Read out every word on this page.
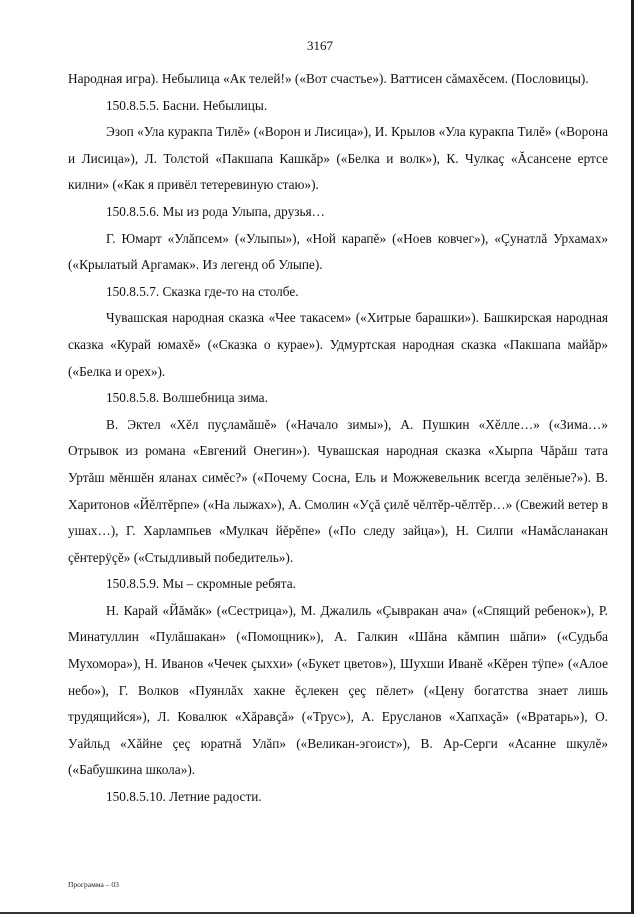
3167

Народная игра). Небылица «Ак телей!» («Вот счастье»). Ваттисен сăмахĕсем. (Пословицы).

150.8.5.5. Басни. Небылицы.

Эзоп «Ула куракпа Тилĕ» («Ворон и Лисица»), И. Крылов «Ула куракпа Тилĕ» («Ворона и Лисица»), Л. Толстой «Пакшапа Кашкăр» («Белка и волк»), К. Чулкаç «Ăсансене ертсе килни» («Как я привёл тетеревиную стаю»).

150.8.5.6. Мы из рода Улыпа, друзья…

Г. Юмарт «Улăпсем» («Улыпы»), «Ной карапĕ» («Ноев ковчег»), «Çунатлă Урхамах» («Крылатый Аргамак». Из легенд об Улыпе).

150.8.5.7. Сказка где-то на столбе.

Чувашская народная сказка «Чее такасем» («Хитрые барашки»). Башкирская народная сказка «Курай юмахĕ» («Сказка о курае»). Удмуртская народная сказка «Пакшапа майăр» («Белка и орех»).

150.8.5.8. Волшебница зима.

В. Эктел «Хĕл пуçламăшĕ» («Начало зимы»), А. Пушкин «Хĕлле…» («Зима…» Отрывок из романа «Евгений Онегин»). Чувашская народная сказка «Хырпа Чăрăш тата Уртăш мĕншĕн яланах симĕс?» («Почему Сосна, Ель и Можжевельник всегда зелёные?»). В. Харитонов «Йĕлтĕрпе» («На лыжах»), А. Смолин «Уçă çилĕ чĕлтĕр-чĕлтĕр…» (Свежий ветер в ушах…), Г. Харлампьев «Мулкач йĕрĕпе» («По следу зайца»), Н. Силпи «Намăсланакан çĕнтерÿçĕ» («Стыдливый победитель»).

150.8.5.9. Мы – скромные ребята.

Н. Карай «Йăмăк» («Сестрица»), М. Джалиль «Çывракан ача» («Спящий ребенок»), Р. Минатуллин «Пулăшакан» («Помощник»), А. Галкин «Шăна кăмпин шăпи» («Судьба Мухомора»), Н. Иванов «Чечек çыххи» («Букет цветов»), Шухши Иванĕ «Кĕрен тÿпе» («Алое небо»), Г. Волков «Пуянлăх хакне ĕçлекен çеç пĕлет» («Цену богатства знает лишь трудящийся»), Л. Ковалюк «Хăравçă» («Трус»), А. Ерусланов «Хапхаçă» («Вратарь»), О. Уайльд «Хăйне çеç юратнă Улăп» («Великан-эгоист»), В. Ар-Серги «Асанне шкулĕ» («Бабушкина школа»).

150.8.5.10. Летние радости.

Программа – 03
